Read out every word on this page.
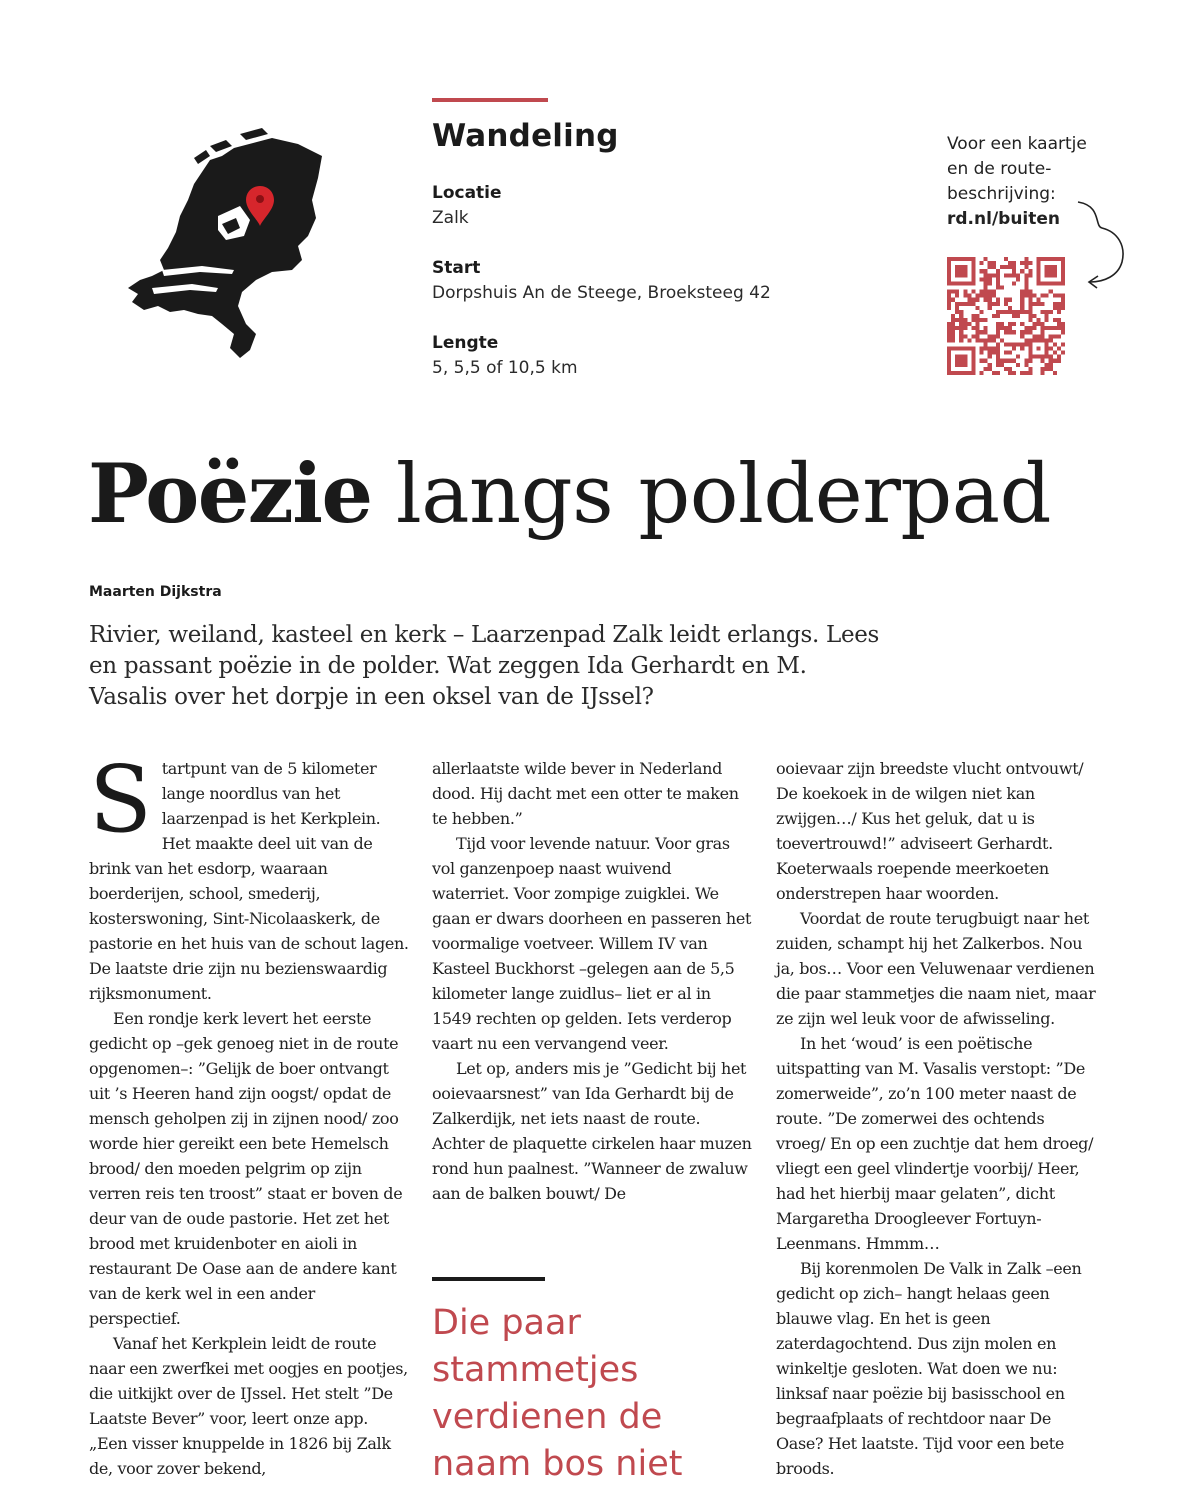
Wandeling
Locatie
Zalk
Start
Dorpshuis An de Steege, Broeksteeg 42
Lengte
5, 5,5 of 10,5 km
Voor een kaartje
en de route-
beschrijving:
rd.nl/buiten
Poëzie langs polderpad
Maarten Dijkstra
Rivier, weiland, kasteel en kerk – Laarzenpad Zalk leidt erlangs. Lees en passant poëzie in de polder. Wat zeggen Ida Gerhardt en M. Vasalis over het dorpje in een oksel van de IJssel?

Startpunt van de 5 kilometer lange noordlus van het laarzenpad is het Kerkplein. Het maakte deel uit van de brink van het esdorp, waaraan boerderijen, school, smederij, kosterswoning, Sint-Nicolaaskerk, de pastorie en het huis van de schout lagen. De laatste drie zijn nu bezienswaardig rijksmonument.

Een rondje kerk levert het eerste gedicht op –gek genoeg niet in de route opgenomen–: ”Gelijk de boer ontvangt uit ’s Heeren hand zijn oogst/ opdat de mensch geholpen zij in zijnen nood/ zoo worde hier gereikt een bete Hemelsch brood/ den moeden pelgrim op zijn verren reis ten troost” staat er boven de deur van de oude pastorie. Het zet het brood met kruidenboter en aioli in restaurant De Oase aan de andere kant van de kerk wel in een ander perspectief.

Vanaf het Kerkplein leidt de route naar een zwerfkei met oogjes en pootjes, die uitkijkt over de IJssel. Het stelt ”De Laatste Bever” voor, leert onze app. „Een visser knuppelde in 1826 bij Zalk de, voor zover bekend,

allerlaatste wilde bever in Nederland dood. Hij dacht met een otter te maken te hebben.”

Tijd voor levende natuur. Voor gras vol ganzenpoep naast wuivend waterriet. Voor zompige zuigklei. We gaan er dwars doorheen en passeren het voormalige voetveer. Willem IV van Kasteel Buckhorst –gelegen aan de 5,5 kilometer lange zuidlus– liet er al in 1549 rechten op gelden. Iets verderop vaart nu een vervangend veer.

Let op, anders mis je ”Gedicht bij het ooievaarsnest” van Ida Gerhardt bij de Zalkerdijk, net iets naast de route. Achter de plaquette cirkelen haar muzen rond hun paalnest. ”Wanneer de zwaluw aan de balken bouwt/ De

Die paar stammetjes verdienen de naam bos niet

ooievaar zijn breedste vlucht ontvouwt/ De koekoek in de wilgen niet kan zwijgen…/ Kus het geluk, dat u is toevertrouwd!” adviseert Gerhardt. Koeterwaals roepende meerkoeten onderstrepen haar woorden.

Voordat de route terugbuigt naar het zuiden, schampt hij het Zalkerbos. Nou ja, bos… Voor een Veluwenaar verdienen die paar stammetjes die naam niet, maar ze zijn wel leuk voor de afwisseling.

In het ‘woud’ is een poëtische uitspatting van M. Vasalis verstopt: ”De zomerweide”, zo’n 100 meter naast de route. ”De zomerwei des ochtends vroeg/ En op een zuchtje dat hem droeg/ vliegt een geel vlindertje voorbij/ Heer, had het hierbij maar gelaten”, dicht Margaretha Droogleever Fortuyn-Leenmans. Hmmm…

Bij korenmolen De Valk in Zalk –een gedicht op zich– hangt helaas geen blauwe vlag. En het is geen zaterdagochtend. Dus zijn molen en winkeltje gesloten. Wat doen we nu: linksaf naar poëzie bij basisschool en begraafplaats of rechtdoor naar De Oase? Het laatste. Tijd voor een bete broods.
